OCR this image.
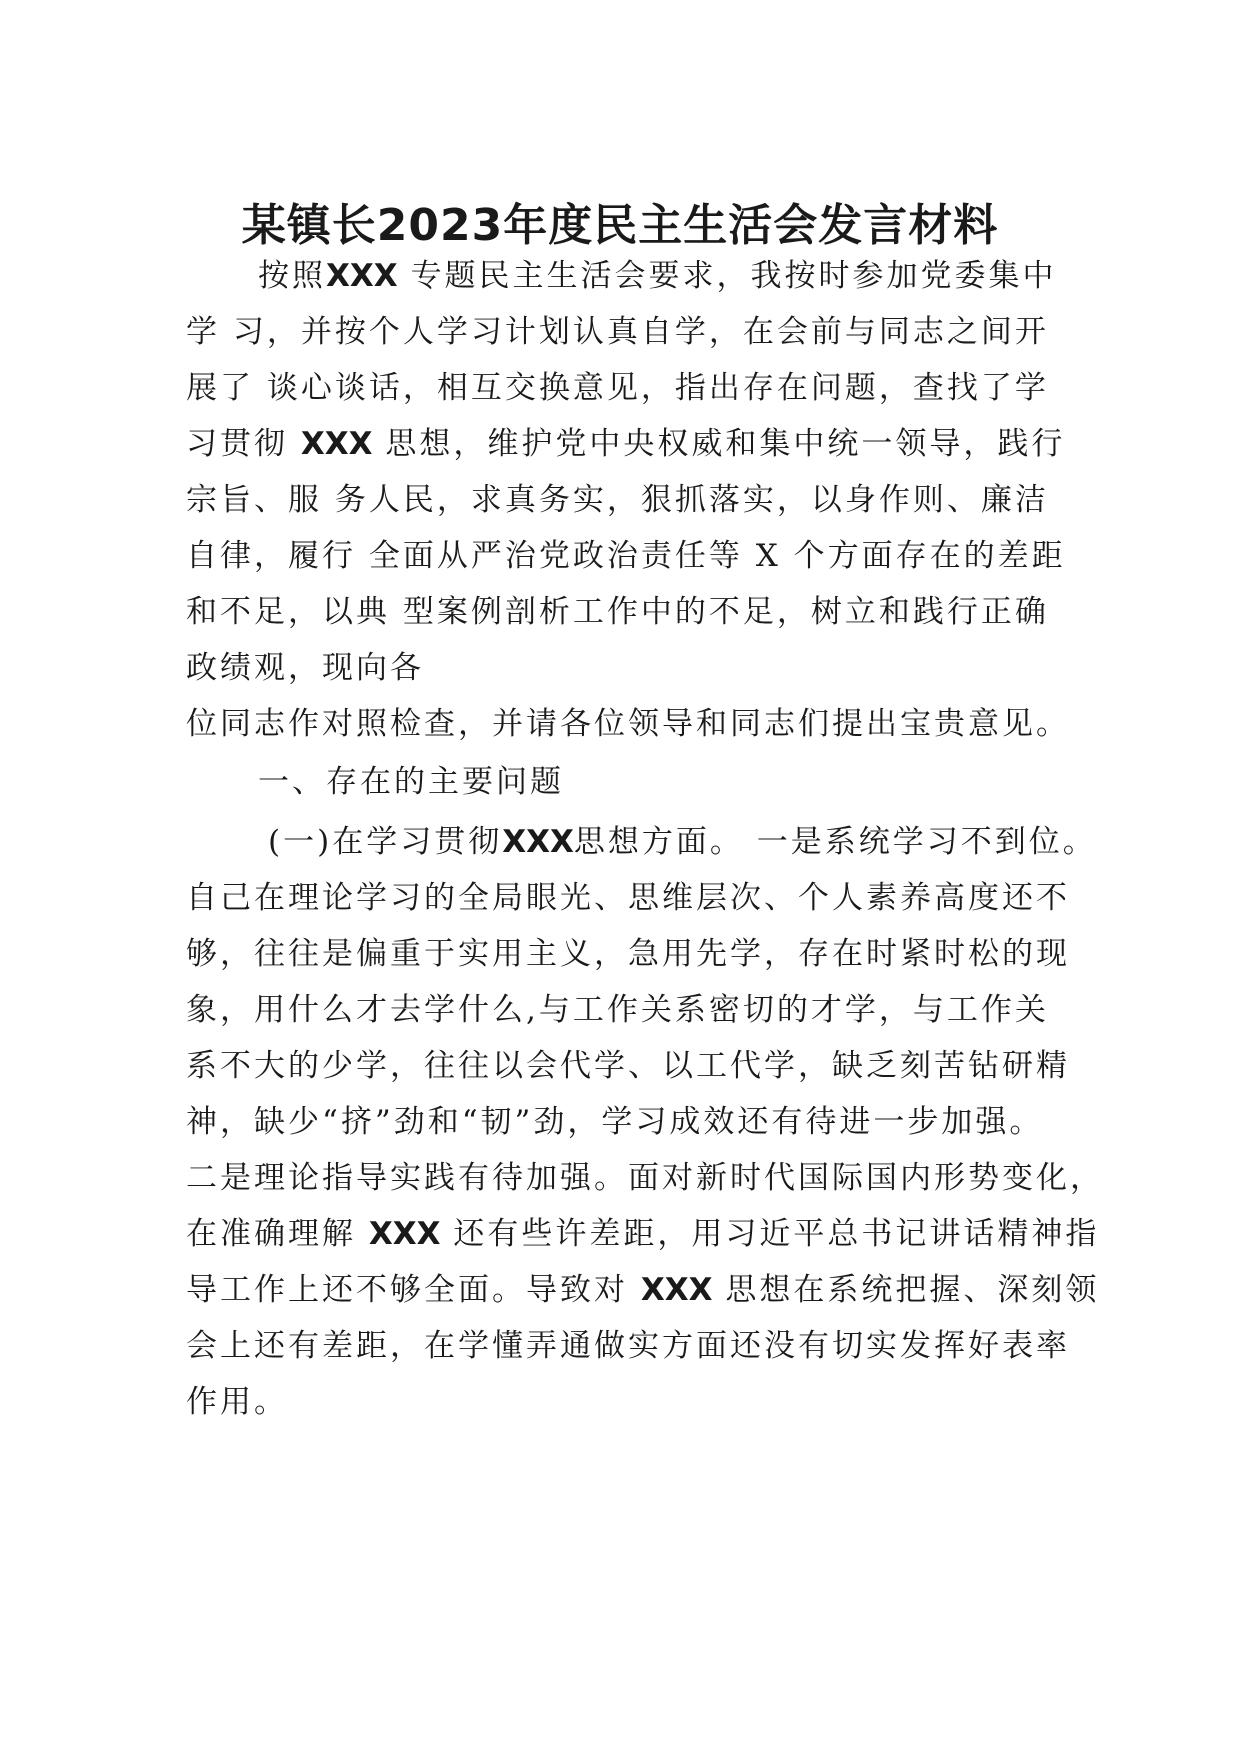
某镇长2023年度民主生活会发言材料
按照XXX 专题民主生活会要求，我按时参加党委集中
学 习，并按个人学习计划认真自学，在会前与同志之间开
展了 谈心谈话，相互交换意见，指出存在问题，查找了学
习贯彻 XXX 思想，维护党中央权威和集中统一领导，践行
宗旨、服 务人民，求真务实，狠抓落实，以身作则、廉洁
自律，履行 全面从严治党政治责任等 X 个方面存在的差距
和不足，以典 型案例剖析工作中的不足，树立和践行正确
政绩观，现向各
位同志作对照检查，并请各位领导和同志们提出宝贵意见。
一、存在的主要问题
(一)在学习贯彻XXX思想方面。 一是系统学习不到位。
自己在理论学习的全局眼光、思维层次、个人素养高度还不
够，往往是偏重于实用主义，急用先学，存在时紧时松的现
象，用什么才去学什么,与工作关系密切的才学，与工作关
系不大的少学，往往以会代学、以工代学，缺乏刻苦钻研精
神，缺少“挤”劲和“韧”劲，学习成效还有待进一步加强。
二是理论指导实践有待加强。面对新时代国际国内形势变化，
在准确理解 XXX 还有些许差距，用习近平总书记讲话精神指
导工作上还不够全面。导致对 XXX 思想在系统把握、深刻领
会上还有差距，在学懂弄通做实方面还没有切实发挥好表率
作用。
